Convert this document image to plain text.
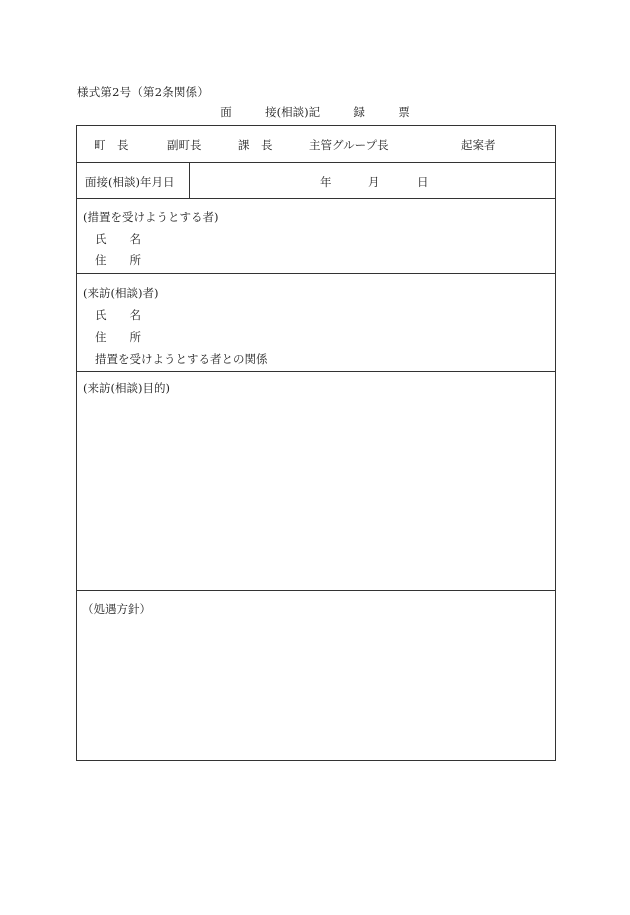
様式第2号（第2条関係）
面	接(相談)記	録	票
町　長	副町長	課　長	主管グループ長	起案者
面接(相談)年月日	年	月	日
(措置を受けようとする者)
氏　　名
住　　所
(来訪(相談)者)
氏　　名
住　　所
措置を受けようとする者との関係
(来訪(相談)目的)
（処遇方針）
